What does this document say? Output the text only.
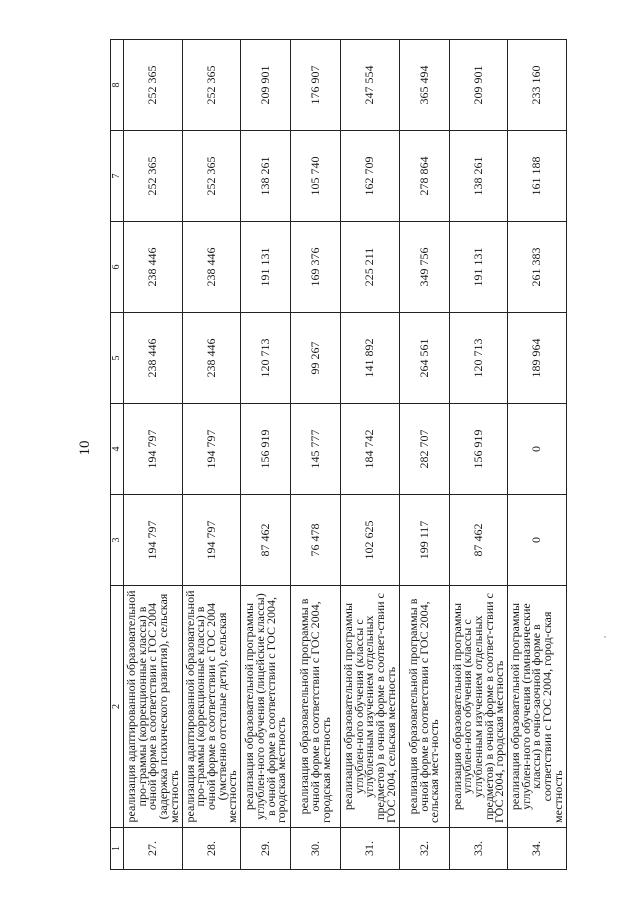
10
1	2	3	4	5	6	7	8
27.	реализация адаптированной образовательной про-граммы (коррекционные классы) в очной форме в соответствии с ГОС 2004 (задержка психического развития), сельская местность	194 797	194 797	238 446	238 446	252 365	252 365
28.	реализация адаптированной образовательной про-граммы (коррекционные классы) в очной форме в соответствии с ГОС 2004 (умственно отсталые дети), сельская местность	194 797	194 797	238 446	238 446	252 365	252 365
29.	реализация образовательной программы углублен-ного обучения (лицейские классы) в очной форме в соответствии с ГОС 2004, городская местность	87 462	156 919	120 713	191 131	138 261	209 901
30.	реализация образовательной программы в очной форме в соответствии с ГОС 2004, городская местность	76 478	145 777	99 267	169 376	105 740	176 907
31.	реализация образовательной программы углублен-ного обучения (классы с углубленным изучением отдельных предметов) в очной форме в соответ-ствии с ГОС 2004, сельская местность	102 625	184 742	141 892	225 211	162 709	247 554
32.	реализация образовательной программы в очной форме в соответствии с ГОС 2004, сельская мест-ность	199 117	282 707	264 561	349 756	278 864	365 494
33.	реализация образовательной программы углублен-ного обучения (классы с углубленным изучением отдельных предметов) в очной форме в соответ-ствии с ГОС 2004, городская местность	87 462	156 919	120 713	191 131	138 261	209 901
34.	реализация образовательной программы углублен-ного обучения (гимназические классы) в очно-заочной форме в соответствии с ГОС 2004, город-ская местность	0	0	189 964	261 383	161 188	233 160
